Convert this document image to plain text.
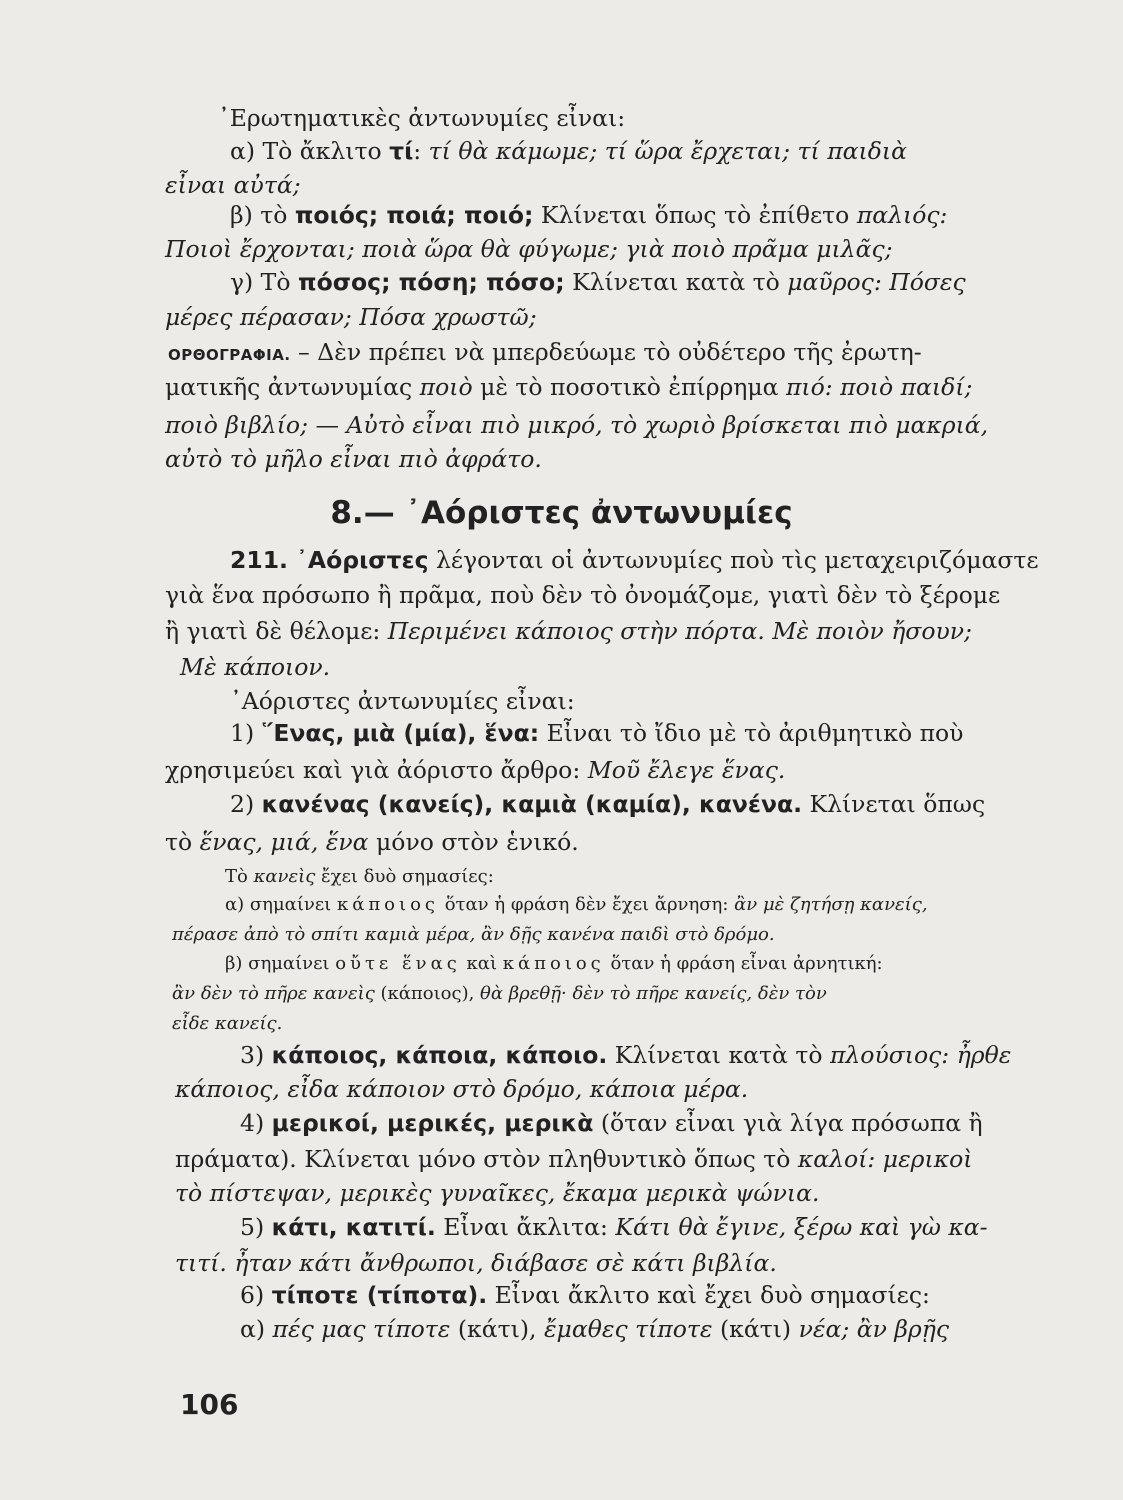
᾿Ερωτηματικὲς ἀντωνυμίες εἶναι:
α) Τὸ ἄκλιτο τί: τί θὰ κάμωμε; τί ὥρα ἔρχεται; τί παιδιὰ
εἶναι αὐτά;
β) τὸ ποιός; ποιά; ποιό; Κλίνεται ὅπως τὸ ἐπίθετο παλιός:
Ποιοὶ ἔρχονται; ποιὰ ὥρα θὰ φύγωμε; γιὰ ποιὸ πρᾶμα μιλᾶς;
γ) Τὸ πόσος; πόση; πόσο; Κλίνεται κατὰ τὸ μαῦρος: Πόσες
μέρες πέρασαν; Πόσα χρωστῶ;
ΟΡΘΟΓΡΑΦΙΑ. – Δὲν πρέπει νὰ μπερδεύωμε τὸ οὐδέτερο τῆς ἐρωτη-
ματικῆς ἀντωνυμίας ποιὸ μὲ τὸ ποσοτικὸ ἐπίρρημα πιό: ποιὸ παιδί;
ποιὸ βιβλίο; — Αὐτὸ εἶναι πιὸ μικρό, τὸ χωριὸ βρίσκεται πιὸ μακριά,
αὐτὸ τὸ μῆλο εἶναι πιὸ ἀφράτο.
8.— ᾿Αόριστες ἀντωνυμίες
211. ᾿Αόριστες λέγονται οἱ ἀντωνυμίες ποὺ τὶς μεταχειριζόμαστε
γιὰ ἕνα πρόσωπο ἢ πρᾶμα, ποὺ δὲν τὸ ὀνομάζομε, γιατὶ δὲν τὸ ξέρομε
ἢ γιατὶ δὲ θέλομε: Περιμένει κάποιος στὴν πόρτα. Μὲ ποιὸν ἤσουν;
Μὲ κάποιον.
᾿Αόριστες ἀντωνυμίες εἶναι:
1) ῞Ενας, μιὰ (μία), ἕνα: Εἶναι τὸ ἴδιο μὲ τὸ ἀριθμητικὸ ποὺ
χρησιμεύει καὶ γιὰ ἀόριστο ἄρθρο: Μοῦ ἔλεγε ἕνας.
2) κανένας (κανείς), καμιὰ (καμία), κανένα. Κλίνεται ὅπως
τὸ ἕνας, μιά, ἕνα μόνο στὸν ἑνικό.
Τὸ κανεὶς ἔχει δυὸ σημασίες:
α) σημαίνει κάποιος ὅταν ἡ φράση δὲν ἔχει ἄρνηση: ἂν μὲ ζητήσῃ κανείς,
πέρασε ἀπὸ τὸ σπίτι καμιὰ μέρα, ἂν δῇς κανένα παιδὶ στὸ δρόμο.
β) σημαίνει οὔτε ἕνας καὶ κάποιος ὅταν ἡ φράση εἶναι ἀρνητική:
ἂν δὲν τὸ πῆρε κανεὶς (κάποιος), θὰ βρεθῇ· δὲν τὸ πῆρε κανείς, δὲν τὸν
εἶδε κανείς.
3) κάποιος, κάποια, κάποιο. Κλίνεται κατὰ τὸ πλούσιος: ἦρθε
κάποιος, εἶδα κάποιον στὸ δρόμο, κάποια μέρα.
4) μερικοί, μερικές, μερικὰ (ὅταν εἶναι γιὰ λίγα πρόσωπα ἢ
πράματα). Κλίνεται μόνο στὸν πληθυντικὸ ὅπως τὸ καλοί: μερικοὶ
τὸ πίστεψαν, μερικὲς γυναῖκες, ἔκαμα μερικὰ ψώνια.
5) κάτι, κατιτί. Εἶναι ἄκλιτα: Κάτι θὰ ἔγινε, ξέρω καὶ γὼ κα-
τιτί. ἦταν κάτι ἄνθρωποι, διάβασε σὲ κάτι βιβλία.
6) τίποτε (τίποτα). Εἶναι ἄκλιτο καὶ ἔχει δυὸ σημασίες:
α) πές μας τίποτε (κάτι), ἔμαθες τίποτε (κάτι) νέα; ἂν βρῇς
106
